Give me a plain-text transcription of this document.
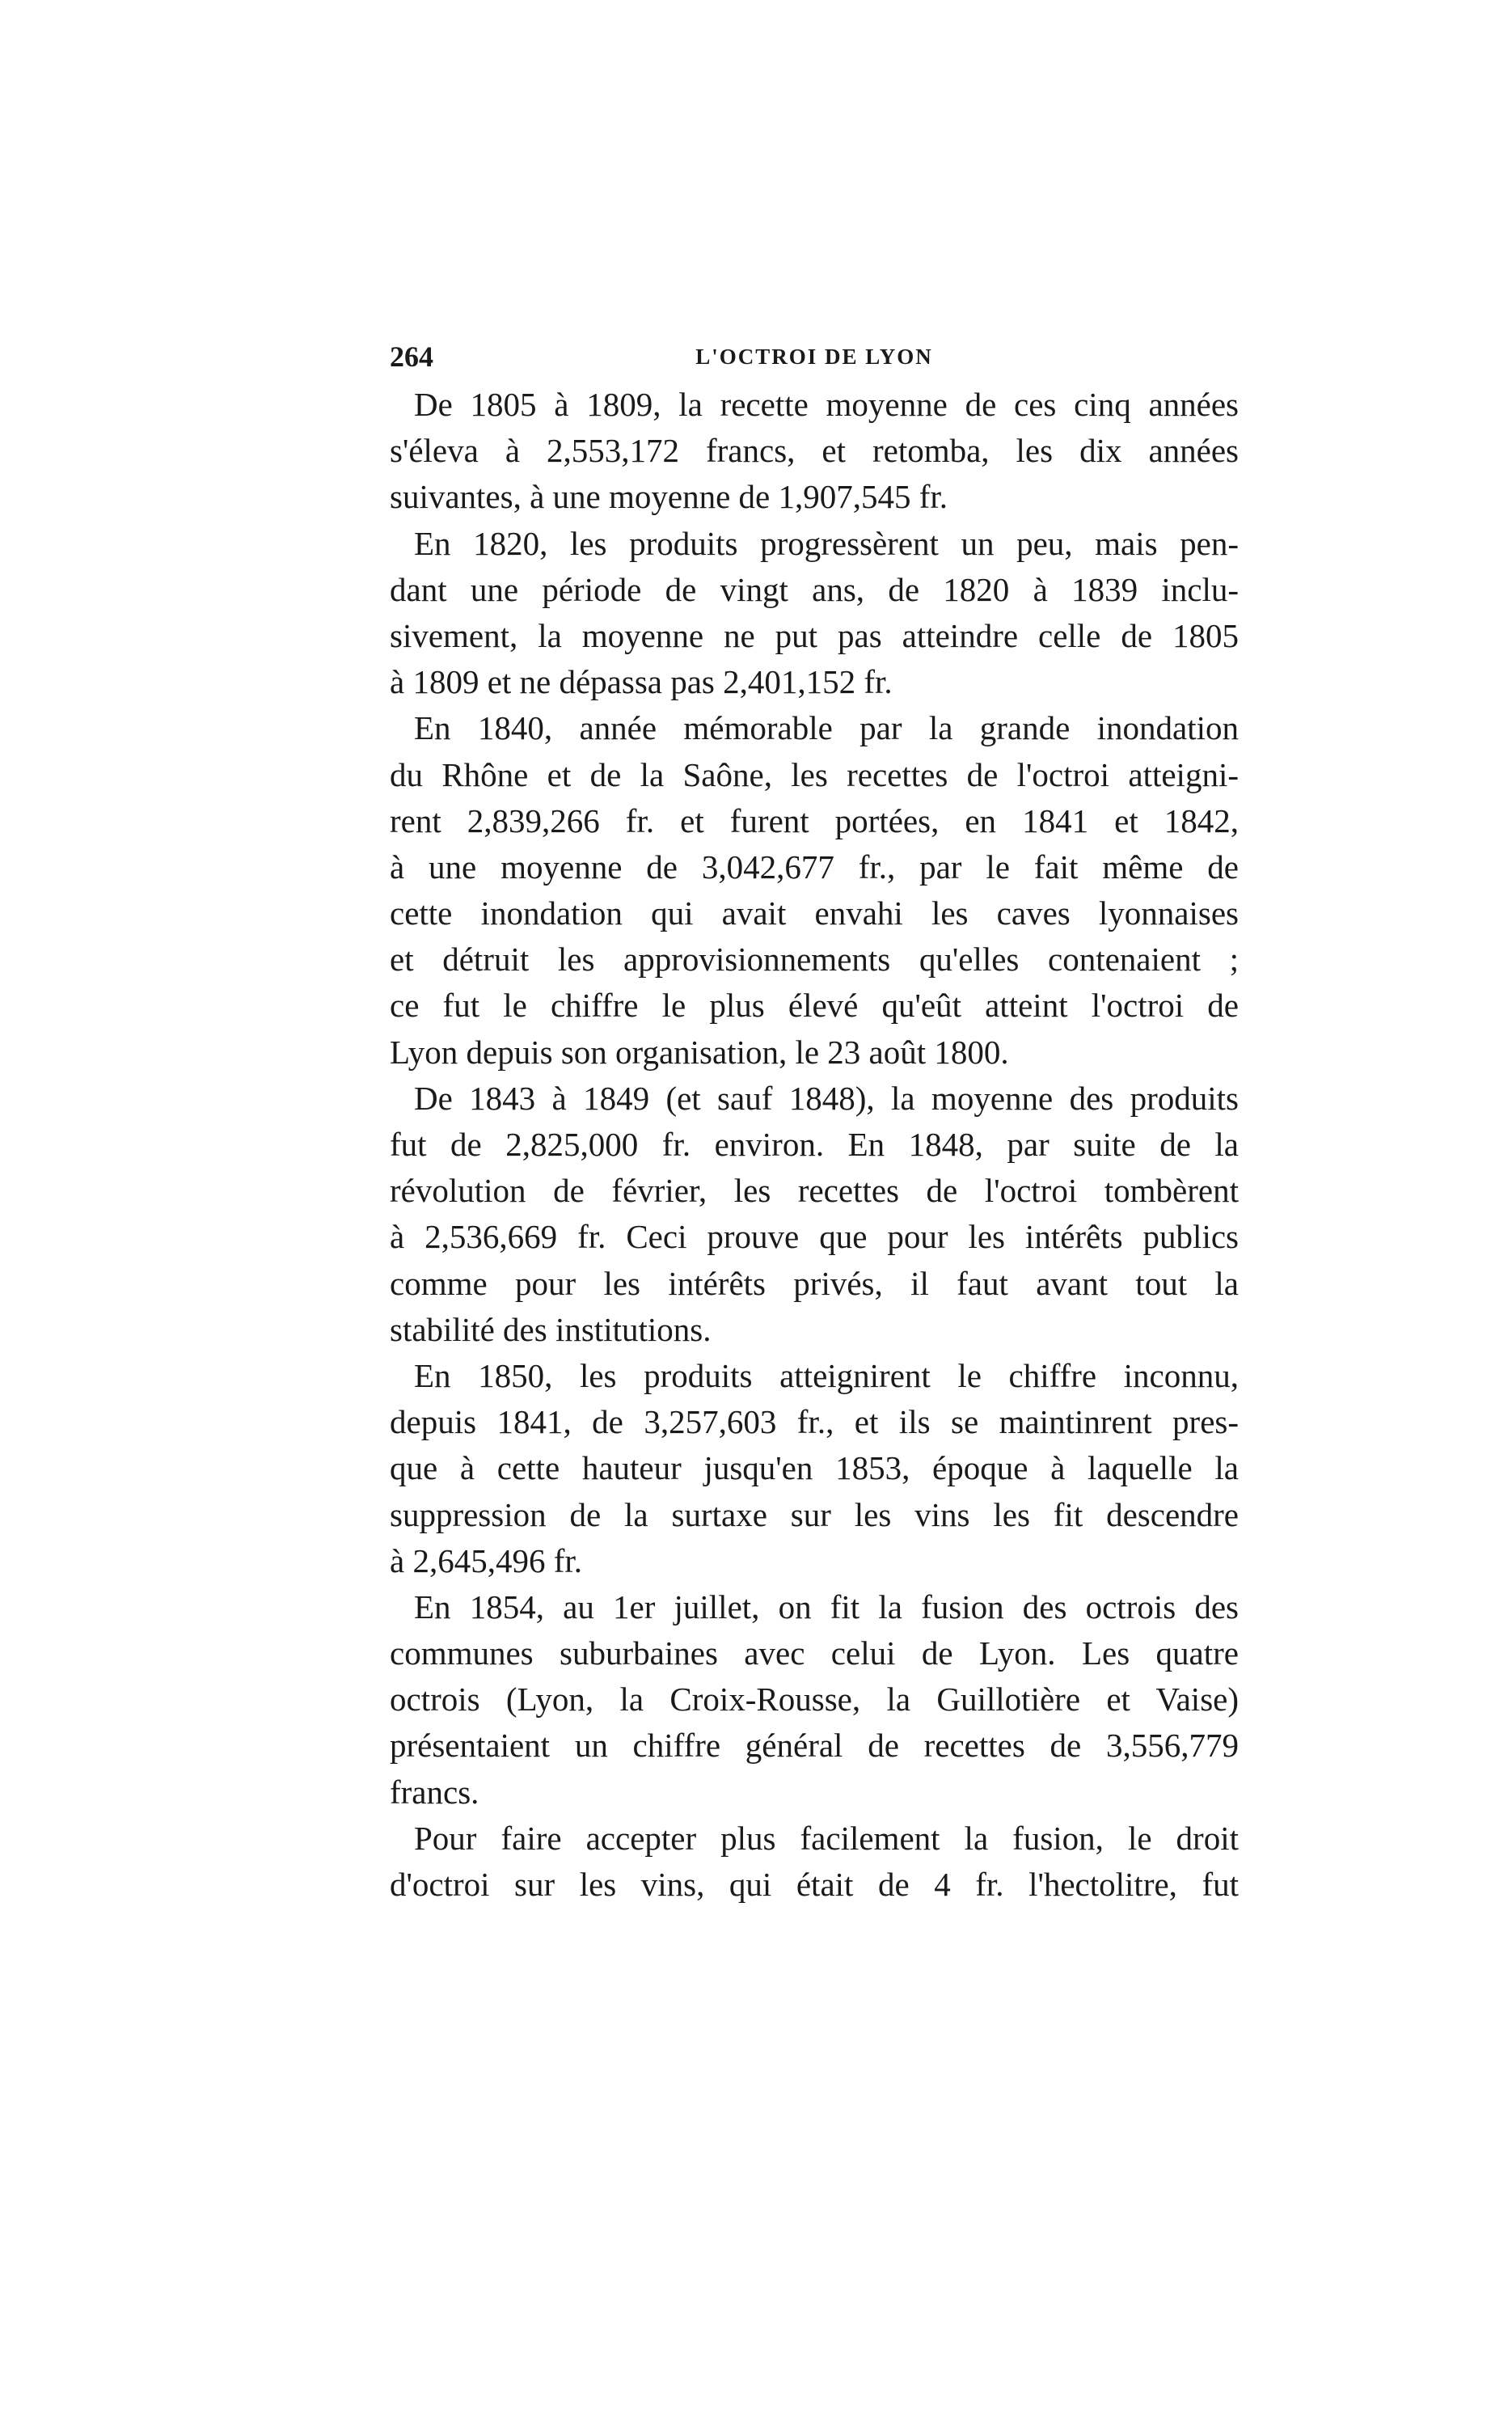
264	L'OCTROI DE LYON
De 1805 à 1809, la recette moyenne de ces cinq années
s'éleva à 2,553,172 francs, et retomba, les dix années
suivantes, à une moyenne de 1,907,545 fr.
En 1820, les produits progressèrent un peu, mais pen-
dant une période de vingt ans, de 1820 à 1839 inclu-
sivement, la moyenne ne put pas atteindre celle de 1805
à 1809 et ne dépassa pas 2,401,152 fr.
En 1840, année mémorable par la grande inondation
du Rhône et de la Saône, les recettes de l'octroi atteigni-
rent 2,839,266 fr. et furent portées, en 1841 et 1842,
à une moyenne de 3,042,677 fr., par le fait même de
cette inondation qui avait envahi les caves lyonnaises
et détruit les approvisionnements qu'elles contenaient ;
ce fut le chiffre le plus élevé qu'eût atteint l'octroi de
Lyon depuis son organisation, le 23 août 1800.
De 1843 à 1849 (et sauf 1848), la moyenne des produits
fut de 2,825,000 fr. environ. En 1848, par suite de la
révolution de février, les recettes de l'octroi tombèrent
à 2,536,669 fr. Ceci prouve que pour les intérêts publics
comme pour les intérêts privés, il faut avant tout la
stabilité des institutions.
En 1850, les produits atteignirent le chiffre inconnu,
depuis 1841, de 3,257,603 fr., et ils se maintinrent pres-
que à cette hauteur jusqu'en 1853, époque à laquelle la
suppression de la surtaxe sur les vins les fit descendre
à 2,645,496 fr.
En 1854, au 1er juillet, on fit la fusion des octrois des
communes suburbaines avec celui de Lyon. Les quatre
octrois (Lyon, la Croix-Rousse, la Guillotière et Vaise)
présentaient un chiffre général de recettes de 3,556,779
francs.
Pour faire accepter plus facilement la fusion, le droit
d'octroi sur les vins, qui était de 4 fr. l'hectolitre, fut
